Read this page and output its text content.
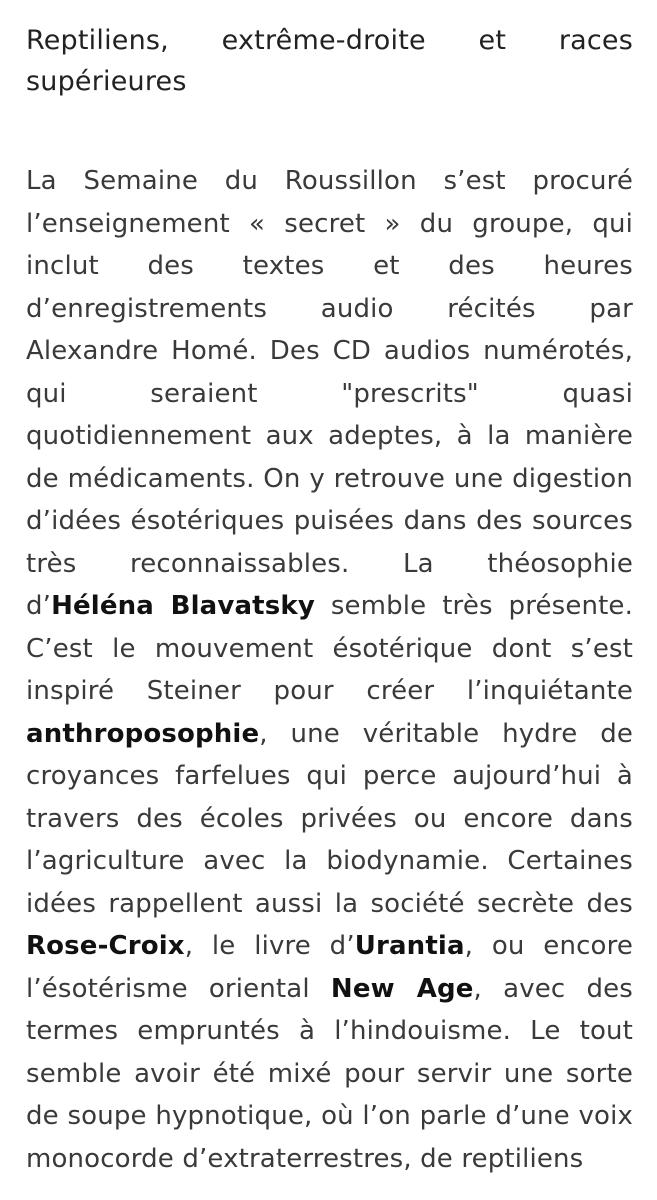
Reptiliens, extrême-droite et races supérieures

La Semaine du Roussillon s’est procuré l’enseignement « secret » du groupe, qui inclut des textes et des heures d’enregistrements audio récités par Alexandre Homé. Des CD audios numérotés, qui seraient "prescrits" quasi quotidiennement aux adeptes, à la manière de médicaments. On y retrouve une digestion d’idées ésotériques puisées dans des sources très reconnaissables. La théosophie d’Héléna Blavatsky semble très présente. C’est le mouvement ésotérique dont s’est inspiré Steiner pour créer l’inquiétante anthroposophie, une véritable hydre de croyances farfelues qui perce aujourd’hui à travers des écoles privées ou encore dans l’agriculture avec la biodynamie. Certaines idées rappellent aussi la société secrète des Rose-Croix, le livre d’Urantia, ou encore l’ésotérisme oriental New Age, avec des termes empruntés à l’hindouisme. Le tout semble avoir été mixé pour servir une sorte de soupe hypnotique, où l’on parle d’une voix monocorde d’extraterrestres, de reptiliens
